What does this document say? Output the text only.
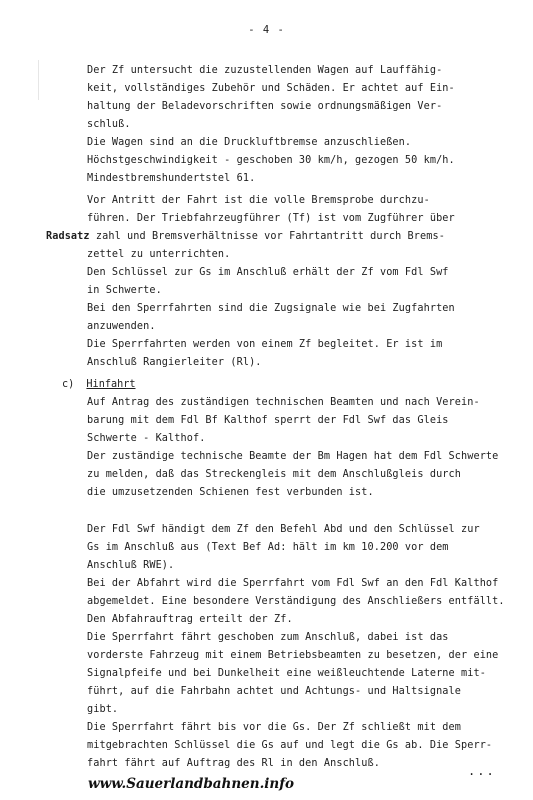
- 4 -
Der Zf untersucht die zuzustellenden Wagen auf Lauffähig-
keit, vollständiges Zubehör und Schäden. Er achtet auf Ein-
haltung der Beladevorschriften sowie ordnungsmäßigen Ver-
schluß.
Die Wagen sind an die Druckluftbremse anzuschließen.
Höchstgeschwindigkeit - geschoben 30 km/h, gezogen 50 km/h.
Mindestbremshundertstel 61.
Vor Antritt der Fahrt ist die volle Bremsprobe durchzu-
führen. Der Triebfahrzeugführer (Tf) ist vom Zugführer über
Radsatz zahl und Bremsverhältnisse vor Fahrtantritt durch Brems-
zettel zu unterrichten.
Den Schlüssel zur Gs im Anschluß erhält der Zf vom Fdl Swf
in Schwerte.
Bei den Sperrfahrten sind die Zugsignale wie bei Zugfahrten
anzuwenden.
Die Sperrfahrten werden von einem Zf begleitet. Er ist im
Anschluß Rangierleiter (Rl).
c) Hinfahrt
Auf Antrag des zuständigen technischen Beamten und nach Verein-
barung mit dem Fdl Bf Kalthof sperrt der Fdl Swf das Gleis
Schwerte - Kalthof.
Der zuständige technische Beamte der Bm Hagen hat dem Fdl Schwerte
zu melden, daß das Streckengleis mit dem Anschlußgleis durch
die umzusetzenden Schienen fest verbunden ist.
Der Fdl Swf händigt dem Zf den Befehl Abd und den Schlüssel zur
Gs im Anschluß aus (Text Bef Ad: hält im km 10.200 vor dem
Anschluß RWE).
Bei der Abfahrt wird die Sperrfahrt vom Fdl Swf an den Fdl Kalthof
abgemeldet. Eine besondere Verständigung des Anschließers entfällt.
Den Abfahrauftrag erteilt der Zf.
Die Sperrfahrt fährt geschoben zum Anschluß, dabei ist das
vorderste Fahrzeug mit einem Betriebsbeamten zu besetzen, der eine
Signalpfeife und bei Dunkelheit eine weißleuchtende Laterne mit-
führt, auf die Fahrbahn achtet und Achtungs- und Haltsignale
gibt.
Die Sperrfahrt fährt bis vor die Gs. Der Zf schließt mit dem
mitgebrachten Schlüssel die Gs auf und legt die Gs ab. Die Sperr-
fahrt fährt auf Auftrag des Rl in den Anschluß.
...
www.Sauerlandbahnen.info
